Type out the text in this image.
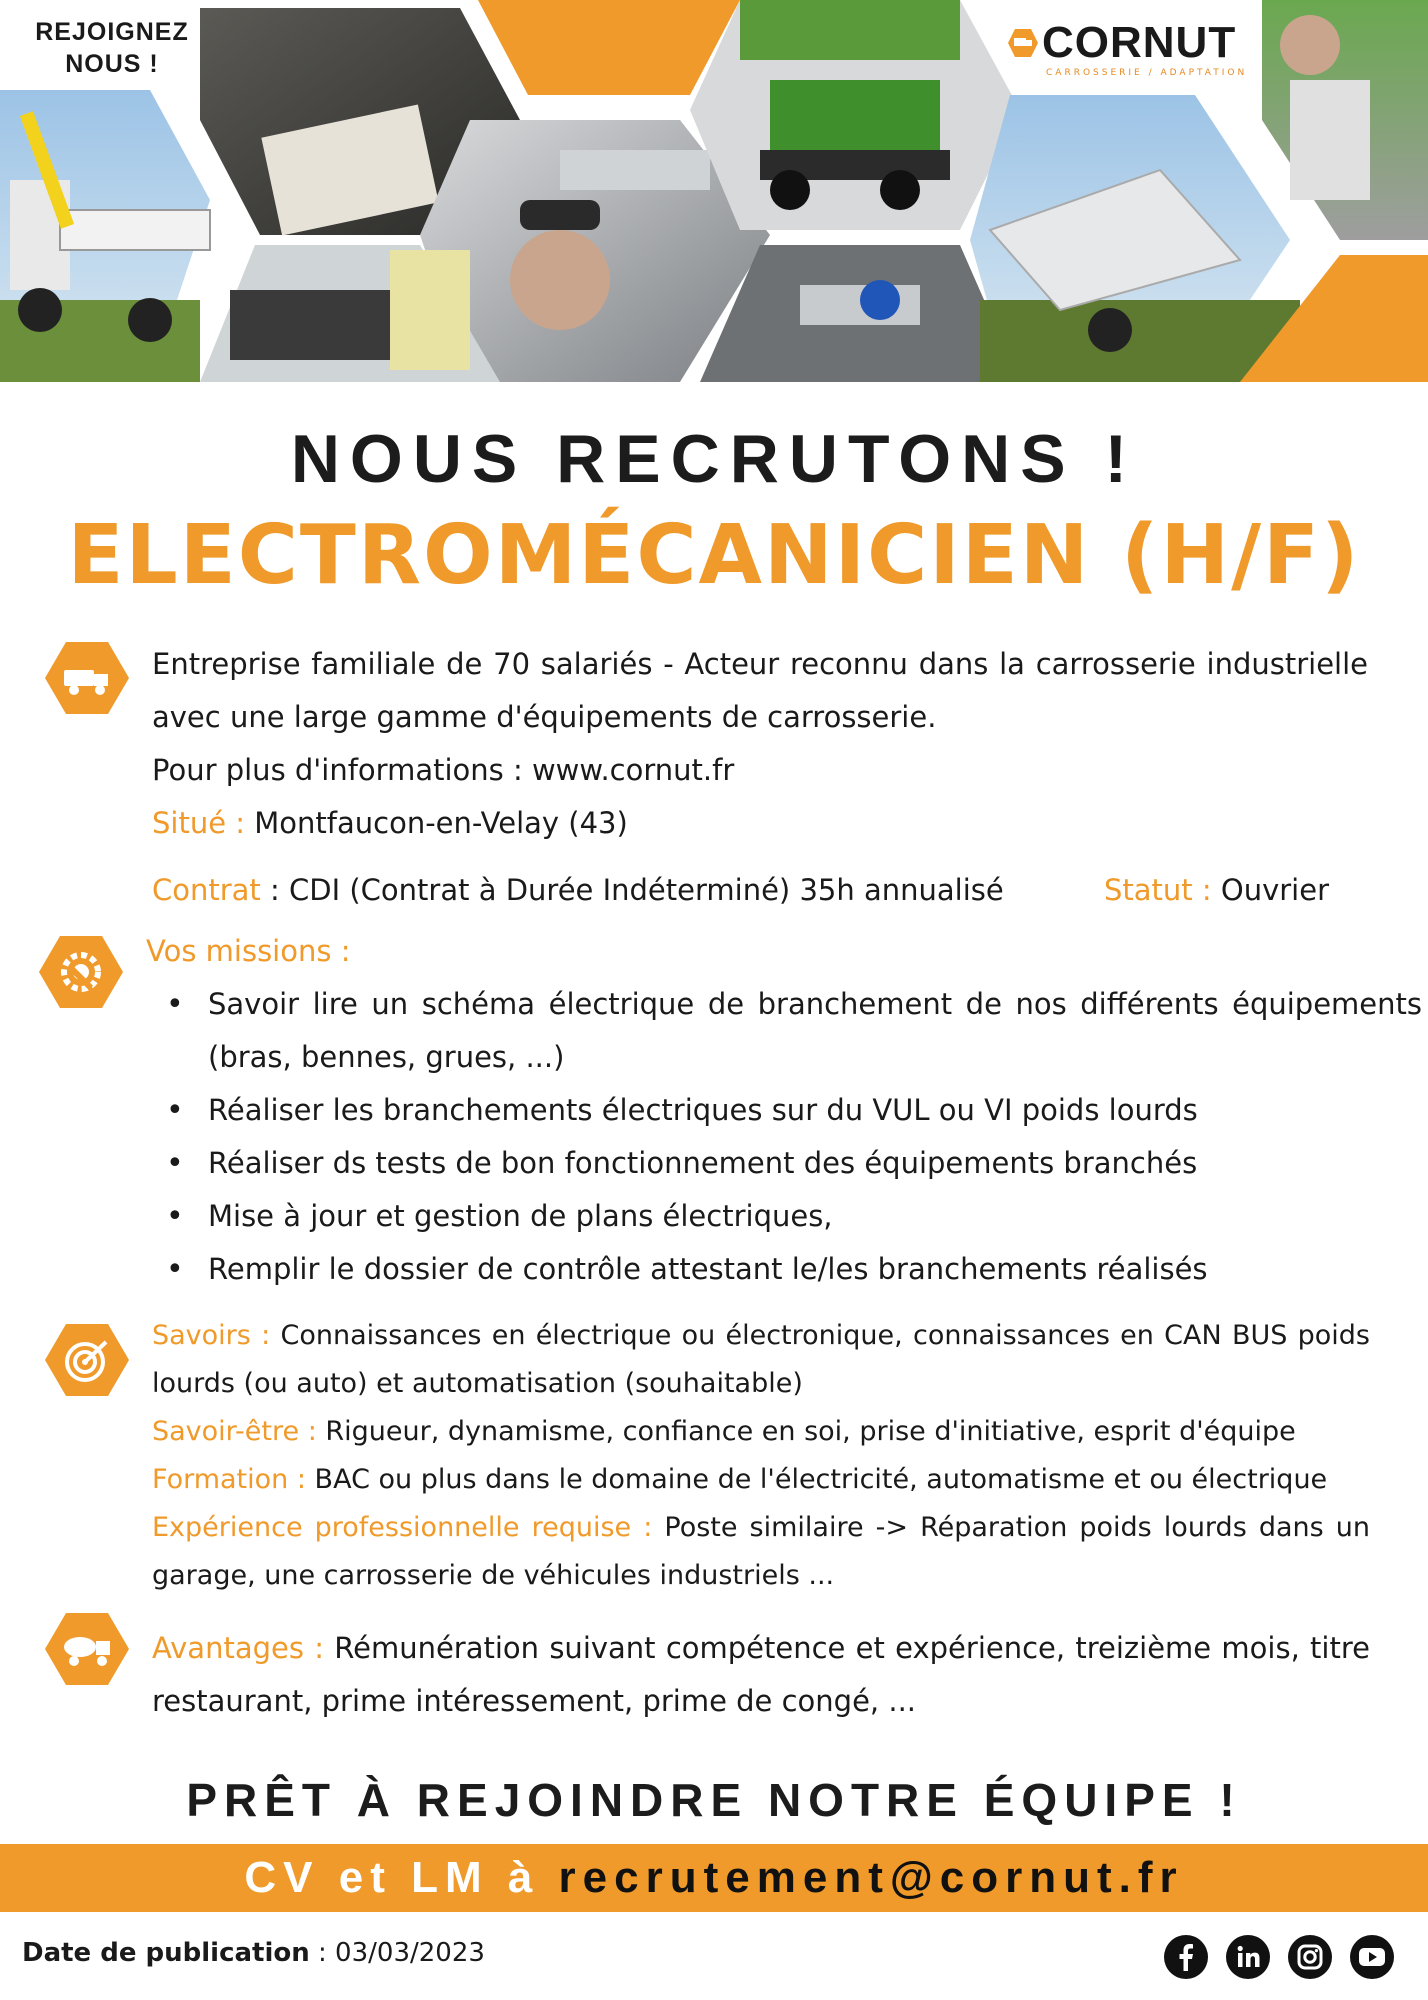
REJOIGNEZ
NOUS !	CORNUT
CARROSSERIE / ADAPTATION
NOUS RECRUTONS !
ELECTROMÉCANICIEN (H/F)
Entreprise familiale de 70 salariés - Acteur reconnu dans la carrosserie industrielle avec une large gamme d'équipements de carrosserie.
Pour plus d'informations : www.cornut.fr
Situé : Montfaucon-en-Velay (43)
Contrat : CDI (Contrat à Durée Indéterminé) 35h annualisé	Statut : Ouvrier
Vos missions :
• Savoir lire un schéma électrique de branchement de nos différents équipements (bras, bennes, grues, ...)
• Réaliser les branchements électriques sur du VUL ou VI poids lourds
• Réaliser ds tests de bon fonctionnement des équipements branchés
• Mise à jour et gestion de plans électriques,
• Remplir le dossier de contrôle attestant le/les branchements réalisés
Savoirs : Connaissances en électrique ou électronique, connaissances en CAN BUS poids lourds (ou auto) et automatisation (souhaitable)
Savoir-être : Rigueur, dynamisme, confiance en soi, prise d'initiative, esprit d'équipe
Formation : BAC ou plus dans le domaine de l'électricité, automatisme et ou électrique
Expérience professionnelle requise : Poste similaire -> Réparation poids lourds dans un garage, une carrosserie de véhicules industriels ...
Avantages : Rémunération suivant compétence et expérience, treizième mois, titre restaurant, prime intéressement, prime de congé, ...
PRÊT À REJOINDRE NOTRE ÉQUIPE !
CV et LM à recrutement@cornut.fr
Date de publication : 03/03/2023
